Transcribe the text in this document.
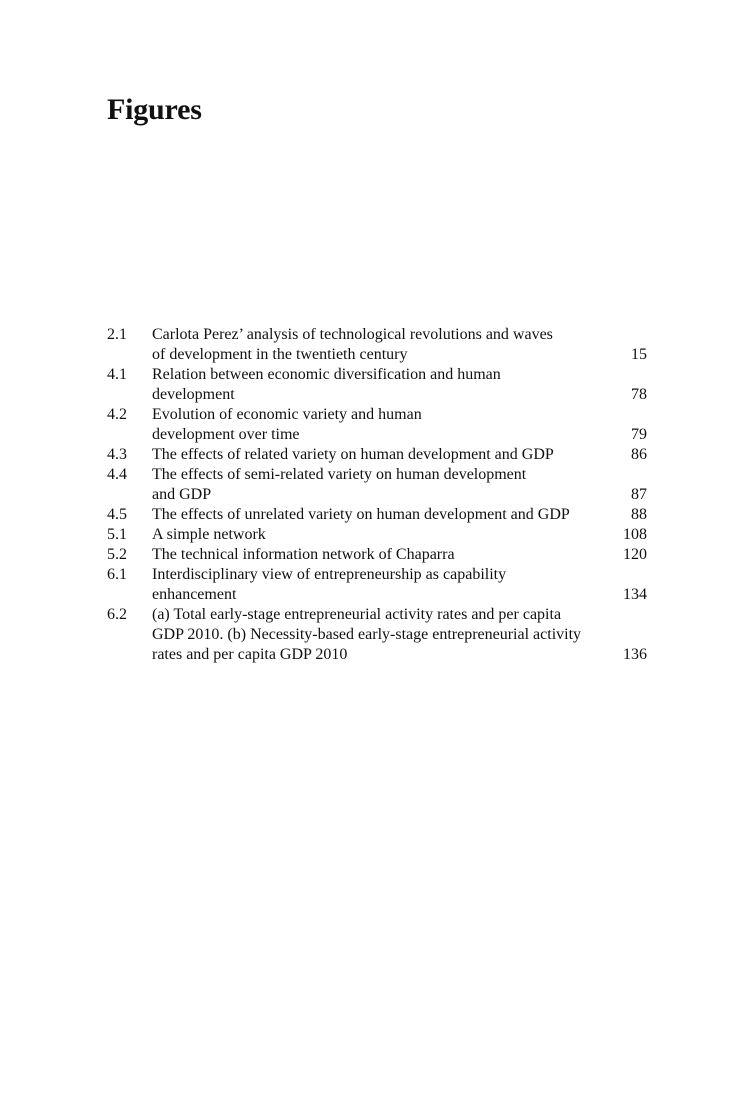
Figures
2.1 Carlota Perez’ analysis of technological revolutions and waves
of development in the twentieth century	15
4.1 Relation between economic diversification and human
development	78
4.2 Evolution of economic variety and human
development over time	79
4.3 The effects of related variety on human development and GDP	86
4.4 The effects of semi-related variety on human development
and GDP	87
4.5 The effects of unrelated variety on human development and GDP	88
5.1 A simple network	108
5.2 The technical information network of Chaparra	120
6.1 Interdisciplinary view of entrepreneurship as capability
enhancement	134
6.2 (a) Total early-stage entrepreneurial activity rates and per capita
GDP 2010. (b) Necessity-based early-stage entrepreneurial activity
rates and per capita GDP 2010	136
